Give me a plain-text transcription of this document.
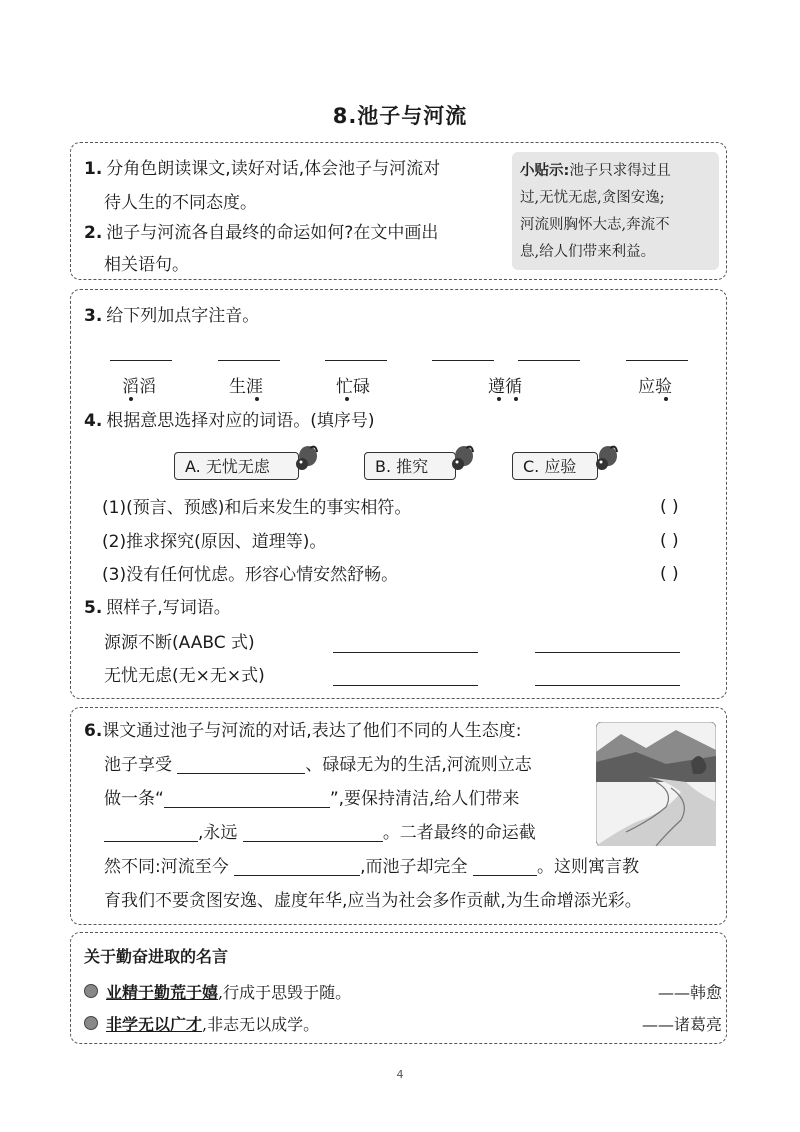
8.池子与河流
1. 分角色朗读课文,读好对话,体会池子与河流对
待人生的不同态度。
2. 池子与河流各自最终的命运如何?在文中画出
相关语句。
小贴示:池子只求得过且
过,无忧无虑,贪图安逸;
河流则胸怀大志,奔流不
息,给人们带来利益。
3. 给下列加点字注音。
滔滔	生涯	忙碌	遵循	应验
4. 根据意思选择对应的词语。(填序号)
A. 无忧无虑	B. 推究	C. 应验
(1)(预言、预感)和后来发生的事实相符。	( )
(2)推求探究(原因、道理等)。	( )
(3)没有任何忧虑。形容心情安然舒畅。	( )
5. 照样子,写词语。
源源不断(AABC 式)
无忧无虑(无×无×式)
6.课文通过池子与河流的对话,表达了他们不同的人生态度:
池子享受	、碌碌无为的生活,河流则立志
做一条“	”,要保持清洁,给人们带来
,永远	。二者最终的命运截
然不同:河流至今	,而池子却完全	。这则寓言教
育我们不要贪图安逸、虚度年华,应当为社会多作贡献,为生命增添光彩。
关于勤奋进取的名言
业精于勤荒于嬉,行成于思毁于随。	——韩愈
非学无以广才,非志无以成学。	——诸葛亮
4
